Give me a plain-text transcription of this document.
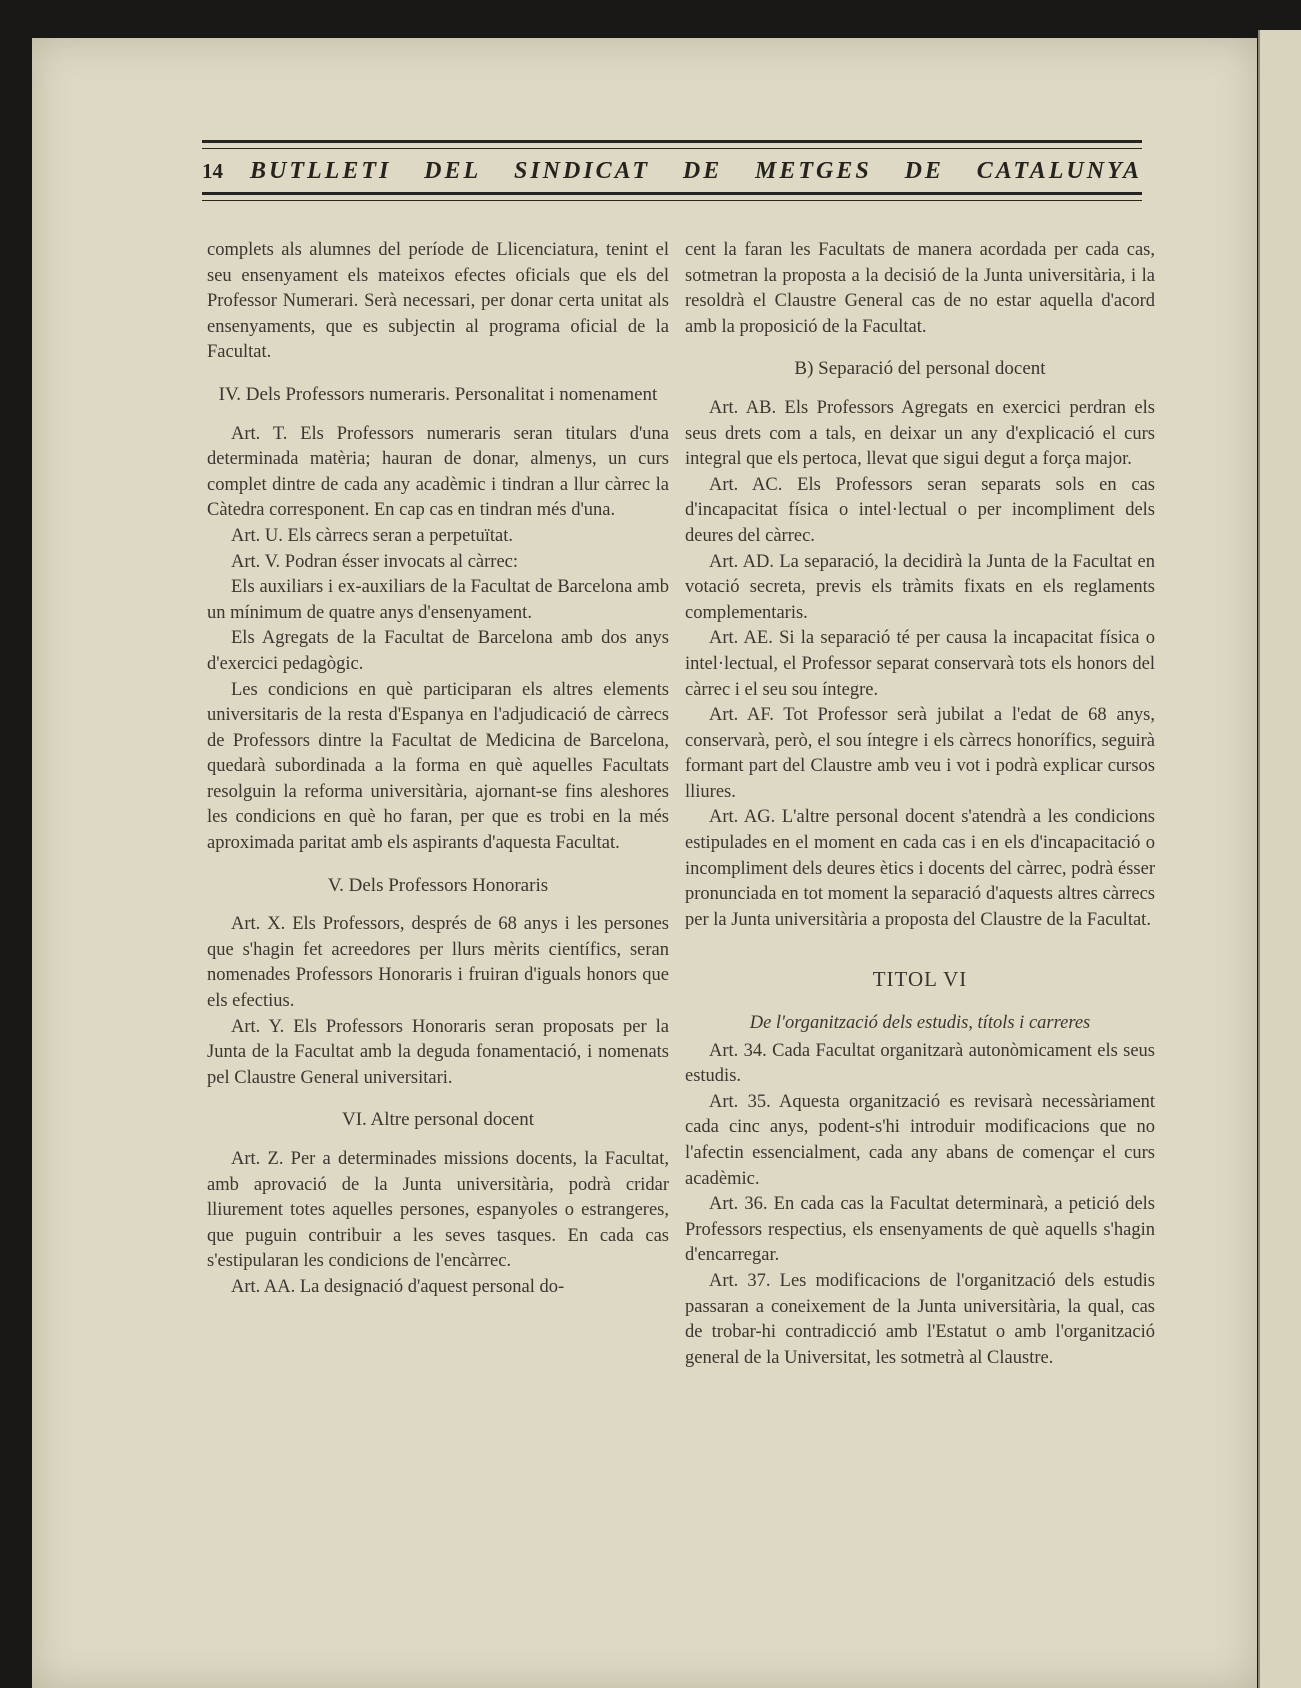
14	BUTLLETI DEL SINDICAT DE METGES DE CATALUNYA

complets als alumnes del període de Llicenciatura, tenint el seu ensenyament els mateixos efectes oficials que els del Professor Numerari. Serà necessari, per donar certa unitat als ensenyaments, que es subjectin al programa oficial de la Facultat.

IV. Dels Professors numeraris. Personalitat i nomenament

Art. T. Els Professors numeraris seran titulars d'una determinada matèria; hauran de donar, almenys, un curs complet dintre de cada any acadèmic i tindran a llur càrrec la Càtedra corresponent. En cap cas en tindran més d'una.

Art. U. Els càrrecs seran a perpetuïtat.

Art. V. Podran ésser invocats al càrrec:

Els auxiliars i ex-auxiliars de la Facultat de Barcelona amb un mínimum de quatre anys d'ensenyament.

Els Agregats de la Facultat de Barcelona amb dos anys d'exercici pedagògic.

Les condicions en què participaran els altres elements universitaris de la resta d'Espanya en l'adjudicació de càrrecs de Professors dintre la Facultat de Medicina de Barcelona, quedarà subordinada a la forma en què aquelles Facultats resolguin la reforma universitària, ajornant-se fins aleshores les condicions en què ho faran, per que es trobi en la més aproximada paritat amb els aspirants d'aquesta Facultat.

V. Dels Professors Honoraris

Art. X. Els Professors, després de 68 anys i les persones que s'hagin fet acreedores per llurs mèrits científics, seran nomenades Professors Honoraris i fruiran d'iguals honors que els efectius.

Art. Y. Els Professors Honoraris seran proposats per la Junta de la Facultat amb la deguda fonamentació, i nomenats pel Claustre General universitari.

VI. Altre personal docent

Art. Z. Per a determinades missions docents, la Facultat, amb aprovació de la Junta universitària, podrà cridar lliurement totes aquelles persones, espanyoles o estrangeres, que puguin contribuir a les seves tasques. En cada cas s'estipularan les condicions de l'encàrrec.

Art. AA. La designació d'aquest personal do-

cent la faran les Facultats de manera acordada per cada cas, sotmetran la proposta a la decisió de la Junta universitària, i la resoldrà el Claustre General cas de no estar aquella d'acord amb la proposició de la Facultat.

B) Separació del personal docent

Art. AB. Els Professors Agregats en exercici perdran els seus drets com a tals, en deixar un any d'explicació el curs integral que els pertoca, llevat que sigui degut a força major.

Art. AC. Els Professors seran separats sols en cas d'incapacitat física o intel·lectual o per incompliment dels deures del càrrec.

Art. AD. La separació, la decidirà la Junta de la Facultat en votació secreta, previs els tràmits fixats en els reglaments complementaris.

Art. AE. Si la separació té per causa la incapacitat física o intel·lectual, el Professor separat conservarà tots els honors del càrrec i el seu sou íntegre.

Art. AF. Tot Professor serà jubilat a l'edat de 68 anys, conservarà, però, el sou íntegre i els càrrecs honorífics, seguirà formant part del Claustre amb veu i vot i podrà explicar cursos lliures.

Art. AG. L'altre personal docent s'atendrà a les condicions estipulades en el moment en cada cas i en els d'incapacitació o incompliment dels deures ètics i docents del càrrec, podrà ésser pronunciada en tot moment la separació d'aquests altres càrrecs per la Junta universitària a proposta del Claustre de la Facultat.

TITOL VI
De l'organització dels estudis, títols i carreres

Art. 34. Cada Facultat organitzarà autonòmicament els seus estudis.

Art. 35. Aquesta organització es revisarà necessàriament cada cinc anys, podent-s'hi introduir modificacions que no l'afectin essencialment, cada any abans de començar el curs acadèmic.

Art. 36. En cada cas la Facultat determinarà, a petició dels Professors respectius, els ensenyaments de què aquells s'hagin d'encarregar.

Art. 37. Les modificacions de l'organització dels estudis passaran a coneixement de la Junta universitària, la qual, cas de trobar-hi contradicció amb l'Estatut o amb l'organització general de la Universitat, les sotmetrà al Claustre.
